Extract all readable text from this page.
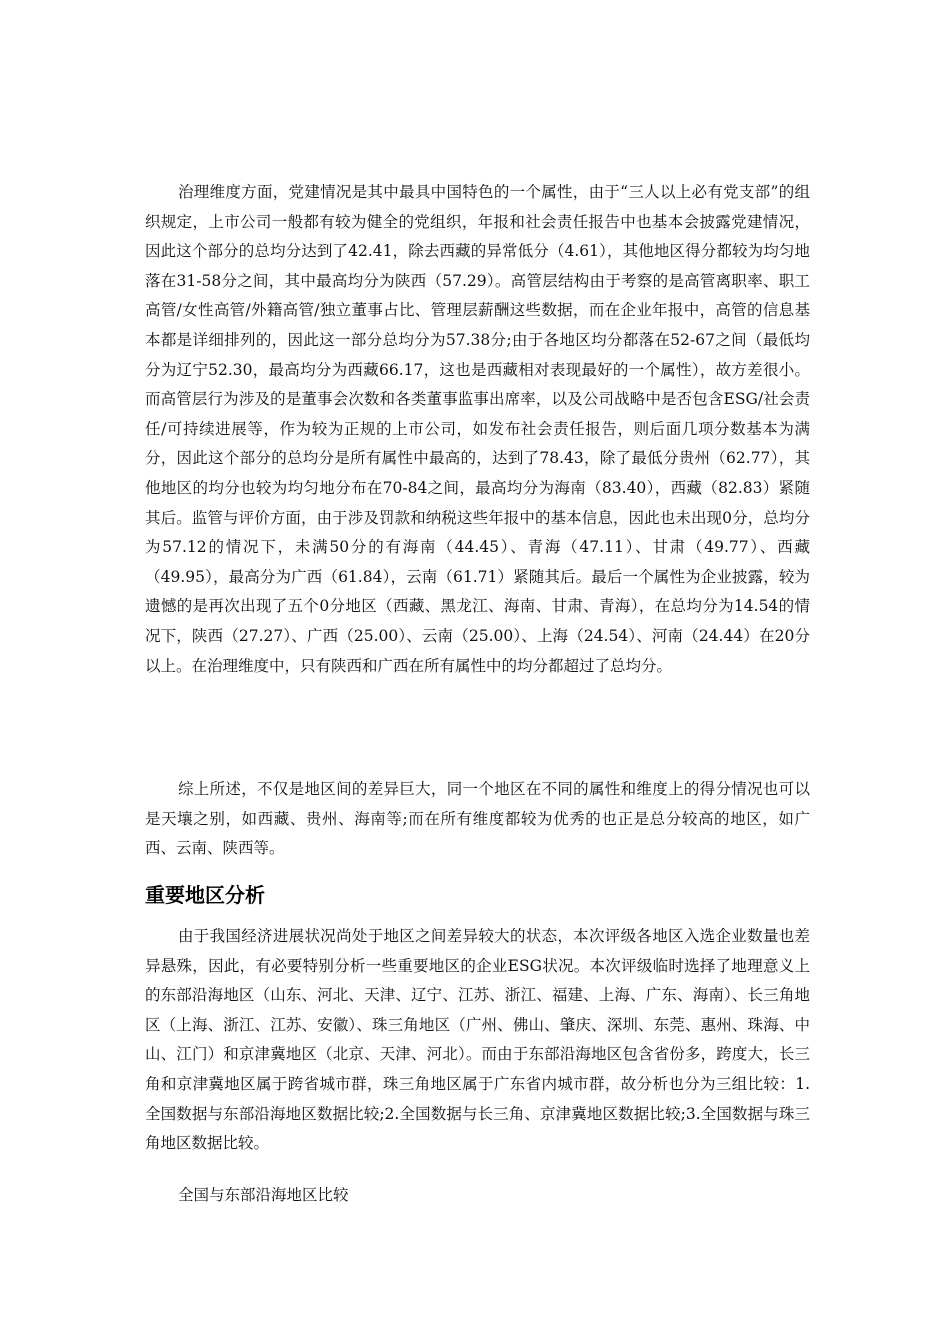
治理维度方面，党建情况是其中最具中国特色的一个属性，由于“三人以上必有党支部”的组织规定，上市公司一般都有较为健全的党组织，年报和社会责任报告中也基本会披露党建情况，因此这个部分的总均分达到了42.41，除去西藏的异常低分（4.61），其他地区得分都较为均匀地落在31-58分之间，其中最高均分为陕西（57.29）。高管层结构由于考察的是高管离职率、职工高管/女性高管/外籍高管/独立董事占比、管理层薪酬这些数据，而在企业年报中，高管的信息基本都是详细排列的，因此这一部分总均分为57.38分;由于各地区均分都落在52-67之间（最低均分为辽宁52.30，最高均分为西藏66.17，这也是西藏相对表现最好的一个属性），故方差很小。而高管层行为涉及的是董事会次数和各类董事监事出席率，以及公司战略中是否包含ESG/社会责任/可持续进展等，作为较为正规的上市公司，如发布社会责任报告，则后面几项分数基本为满分，因此这个部分的总均分是所有属性中最高的，达到了78.43，除了最低分贵州（62.77），其他地区的均分也较为均匀地分布在70-84之间，最高均分为海南（83.40），西藏（82.83）紧随其后。监管与评价方面，由于涉及罚款和纳税这些年报中的基本信息，因此也未出现0分，总均分为57.12的情况下，未满50分的有海南（44.45）、青海（47.11）、甘肃（49.77）、西藏（49.95），最高分为广西（61.84），云南（61.71）紧随其后。最后一个属性为企业披露，较为遗憾的是再次出现了五个0分地区（西藏、黑龙江、海南、甘肃、青海），在总均分为14.54的情况下，陕西（27.27）、广西（25.00）、云南（25.00）、上海（24.54）、河南（24.44）在20分以上。在治理维度中，只有陕西和广西在所有属性中的均分都超过了总均分。

综上所述，不仅是地区间的差异巨大，同一个地区在不同的属性和维度上的得分情况也可以是天壤之别，如西藏、贵州、海南等;而在所有维度都较为优秀的也正是总分较高的地区，如广西、云南、陕西等。

重要地区分析

由于我国经济进展状况尚处于地区之间差异较大的状态，本次评级各地区入选企业数量也差异悬殊，因此，有必要特别分析一些重要地区的企业ESG状况。本次评级临时选择了地理意义上的东部沿海地区（山东、河北、天津、辽宁、江苏、浙江、福建、上海、广东、海南）、长三角地区（上海、浙江、江苏、安徽）、珠三角地区（广州、佛山、肇庆、深圳、东莞、惠州、珠海、中山、江门）和京津冀地区（北京、天津、河北）。而由于东部沿海地区包含省份多，跨度大，长三角和京津冀地区属于跨省城市群，珠三角地区属于广东省内城市群，故分析也分为三组比较：1.全国数据与东部沿海地区数据比较;2.全国数据与长三角、京津冀地区数据比较;3.全国数据与珠三角地区数据比较。

全国与东部沿海地区比较
